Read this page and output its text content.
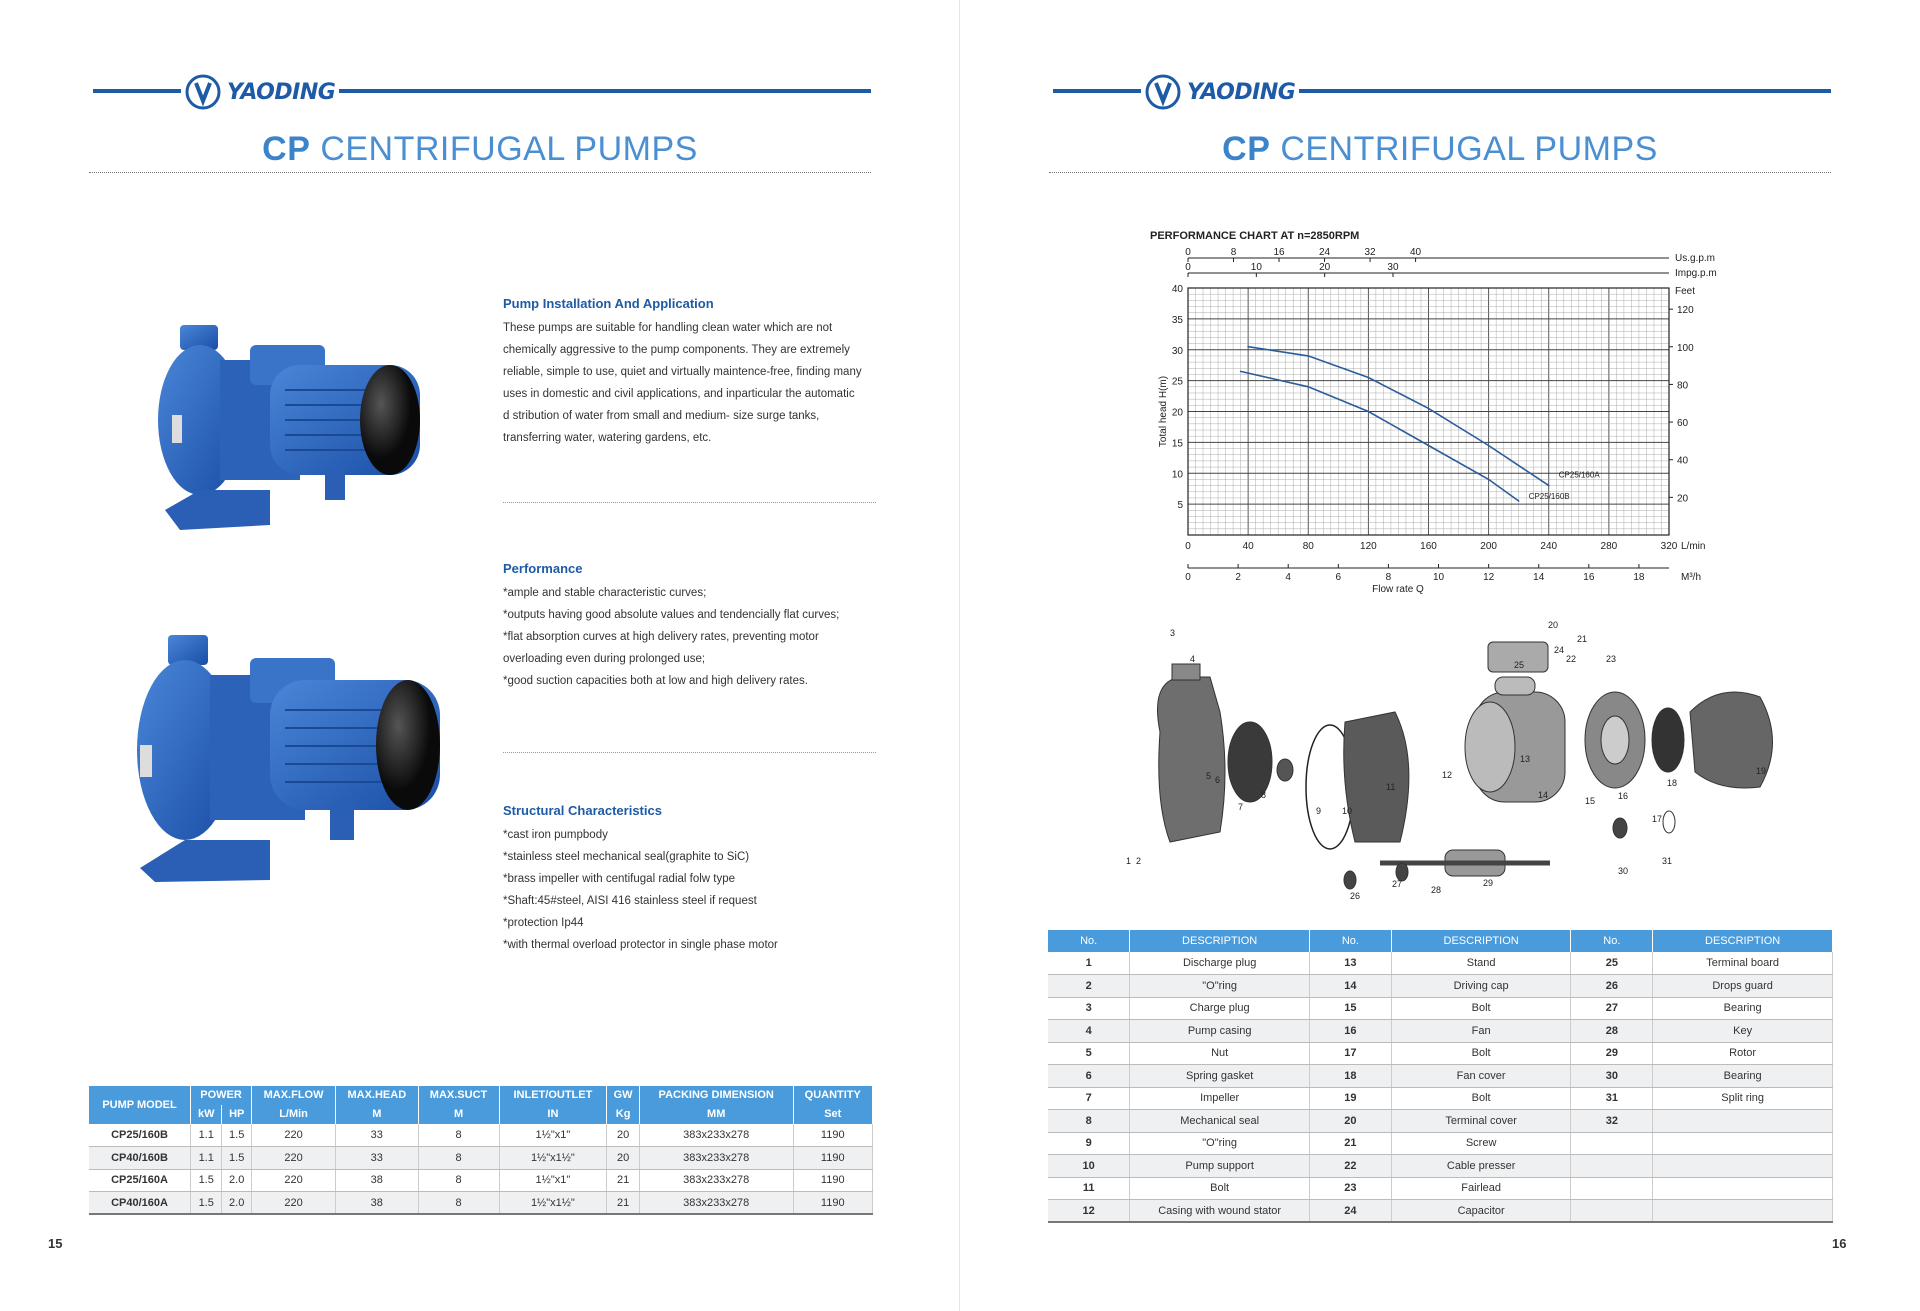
YAODING
CP CENTRIFUGAL PUMPS
Pump Installation And Application

These pumps are suitable for handling clean water which are not

chemically aggressive to the pump components. They are extremely

reliable, simple to use, quiet and virtually maintence-free, finding many

uses in domestic and civil applications, and inparticular the automatic

d stribution of water from small and medium- size surge tanks,

transferring water, watering gardens, etc.

Performance

*ample and stable characteristic curves;

*outputs having good absolute values and tendencially flat curves;

*flat absorption curves at high delivery rates, preventing motor

overloading even during prolonged use;

*good suction capacities both at low and high delivery rates.

Structural Characteristics

*cast iron pumpbody

*stainless steel mechanical seal(graphite to SiC)

*brass impeller with centifugal radial folw type

*Shaft:45#steel, AISI 416 stainless steel if request

*protection Ip44

*with thermal overload protector in single phase motor

PUMP MODEL	POWER		MAX.FLOW	MAX.HEAD	MAX.SUCT	INLET/OUTLET	GW	PACKING DIMENSION	QUANTITY
	kW	HP	L/Min	M	M	IN	Kg	MM	Set
CP25/160B	1.1	1.5	220	33	8	1½"x1"	20	383x233x278	1190
CP40/160B	1.1	1.5	220	33	8	1½"x1½"	20	383x233x278	1190
CP25/160A	1.5	2.0	220	38	8	1½"x1"	21	383x233x278	1190
CP40/160A	1.5	2.0	220	38	8	1½"x1½"	21	383x233x278	1190
15
YAODING
CP CENTRIFUGAL PUMPS
16
PERFORMANCE CHART AT n=2850RPM
5
10
15
20
25
30
35
40
0	40	80	120	160	200	240	280	320 L/min
0	2	4	6	8	10	12	14	16	18	M³/h
Flow rate Q
0	8	16	24	32	40
Us.g.p.m
0	10	20	30
Impg.p.m
Feet
20
40
60
80
100
120
Total head H(m)
CP25/160A
CP25/160B
1 2
3
4
5 6
7
8
9 10
11
12
13
14
15	16
17
18
19
20
21
22	23
24
25
26
27
28
29
30
31
No.	DESCRIPTION	No.	DESCRIPTION	No.	DESCRIPTION
1	Discharge plug	13	Stand	25	Terminal board
2	"O"ring	14	Driving cap	26	Drops guard
3	Charge plug	15	Bolt	27	Bearing
4	Pump casing	16	Fan	28	Key
5	Nut	17	Bolt	29	Rotor
6	Spring gasket	18	Fan cover	30	Bearing
7	Impeller	19	Bolt	31	Split ring
8	Mechanical seal	20	Terminal cover	32	
9	"O"ring	21	Screw		
10	Pump support	22	Cable presser		
11	Bolt	23	Fairlead		
12	Casing with wound stator	24	Capacitor		
